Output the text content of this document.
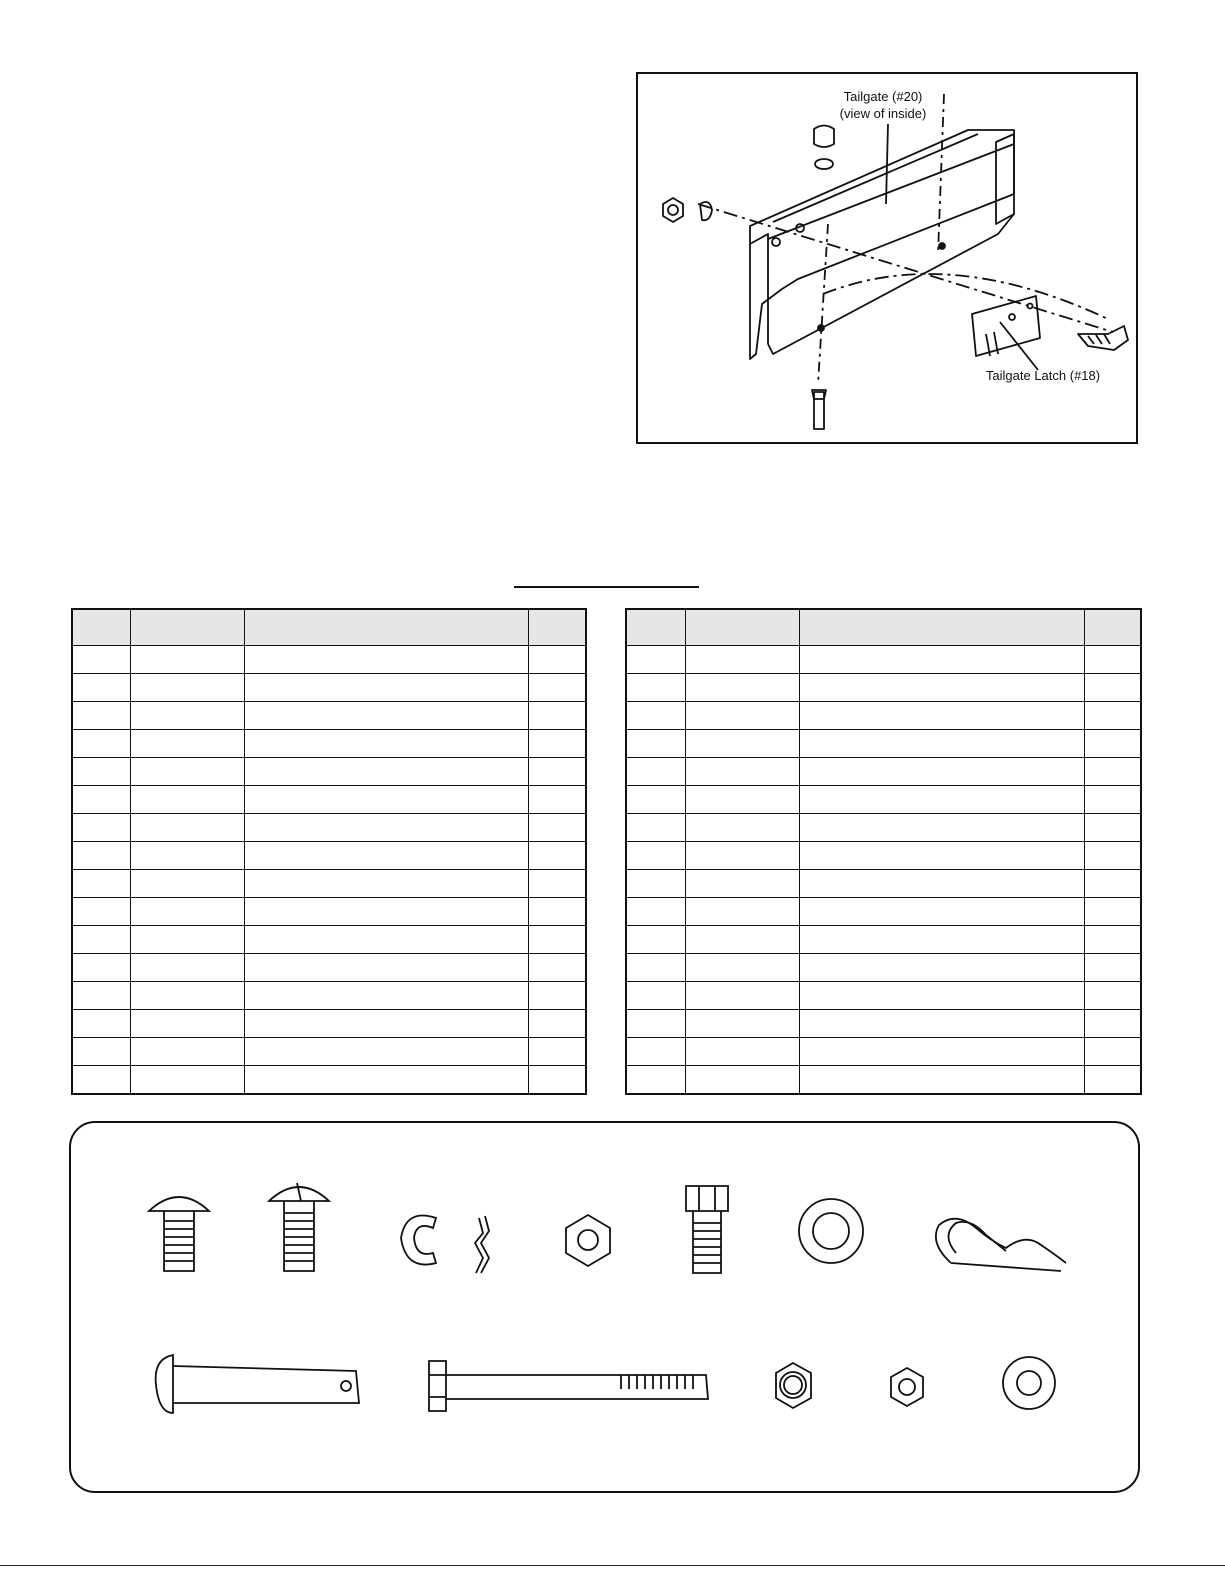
Tailgate (#20)
(view of inside)
Tailgate Latch (#18)
